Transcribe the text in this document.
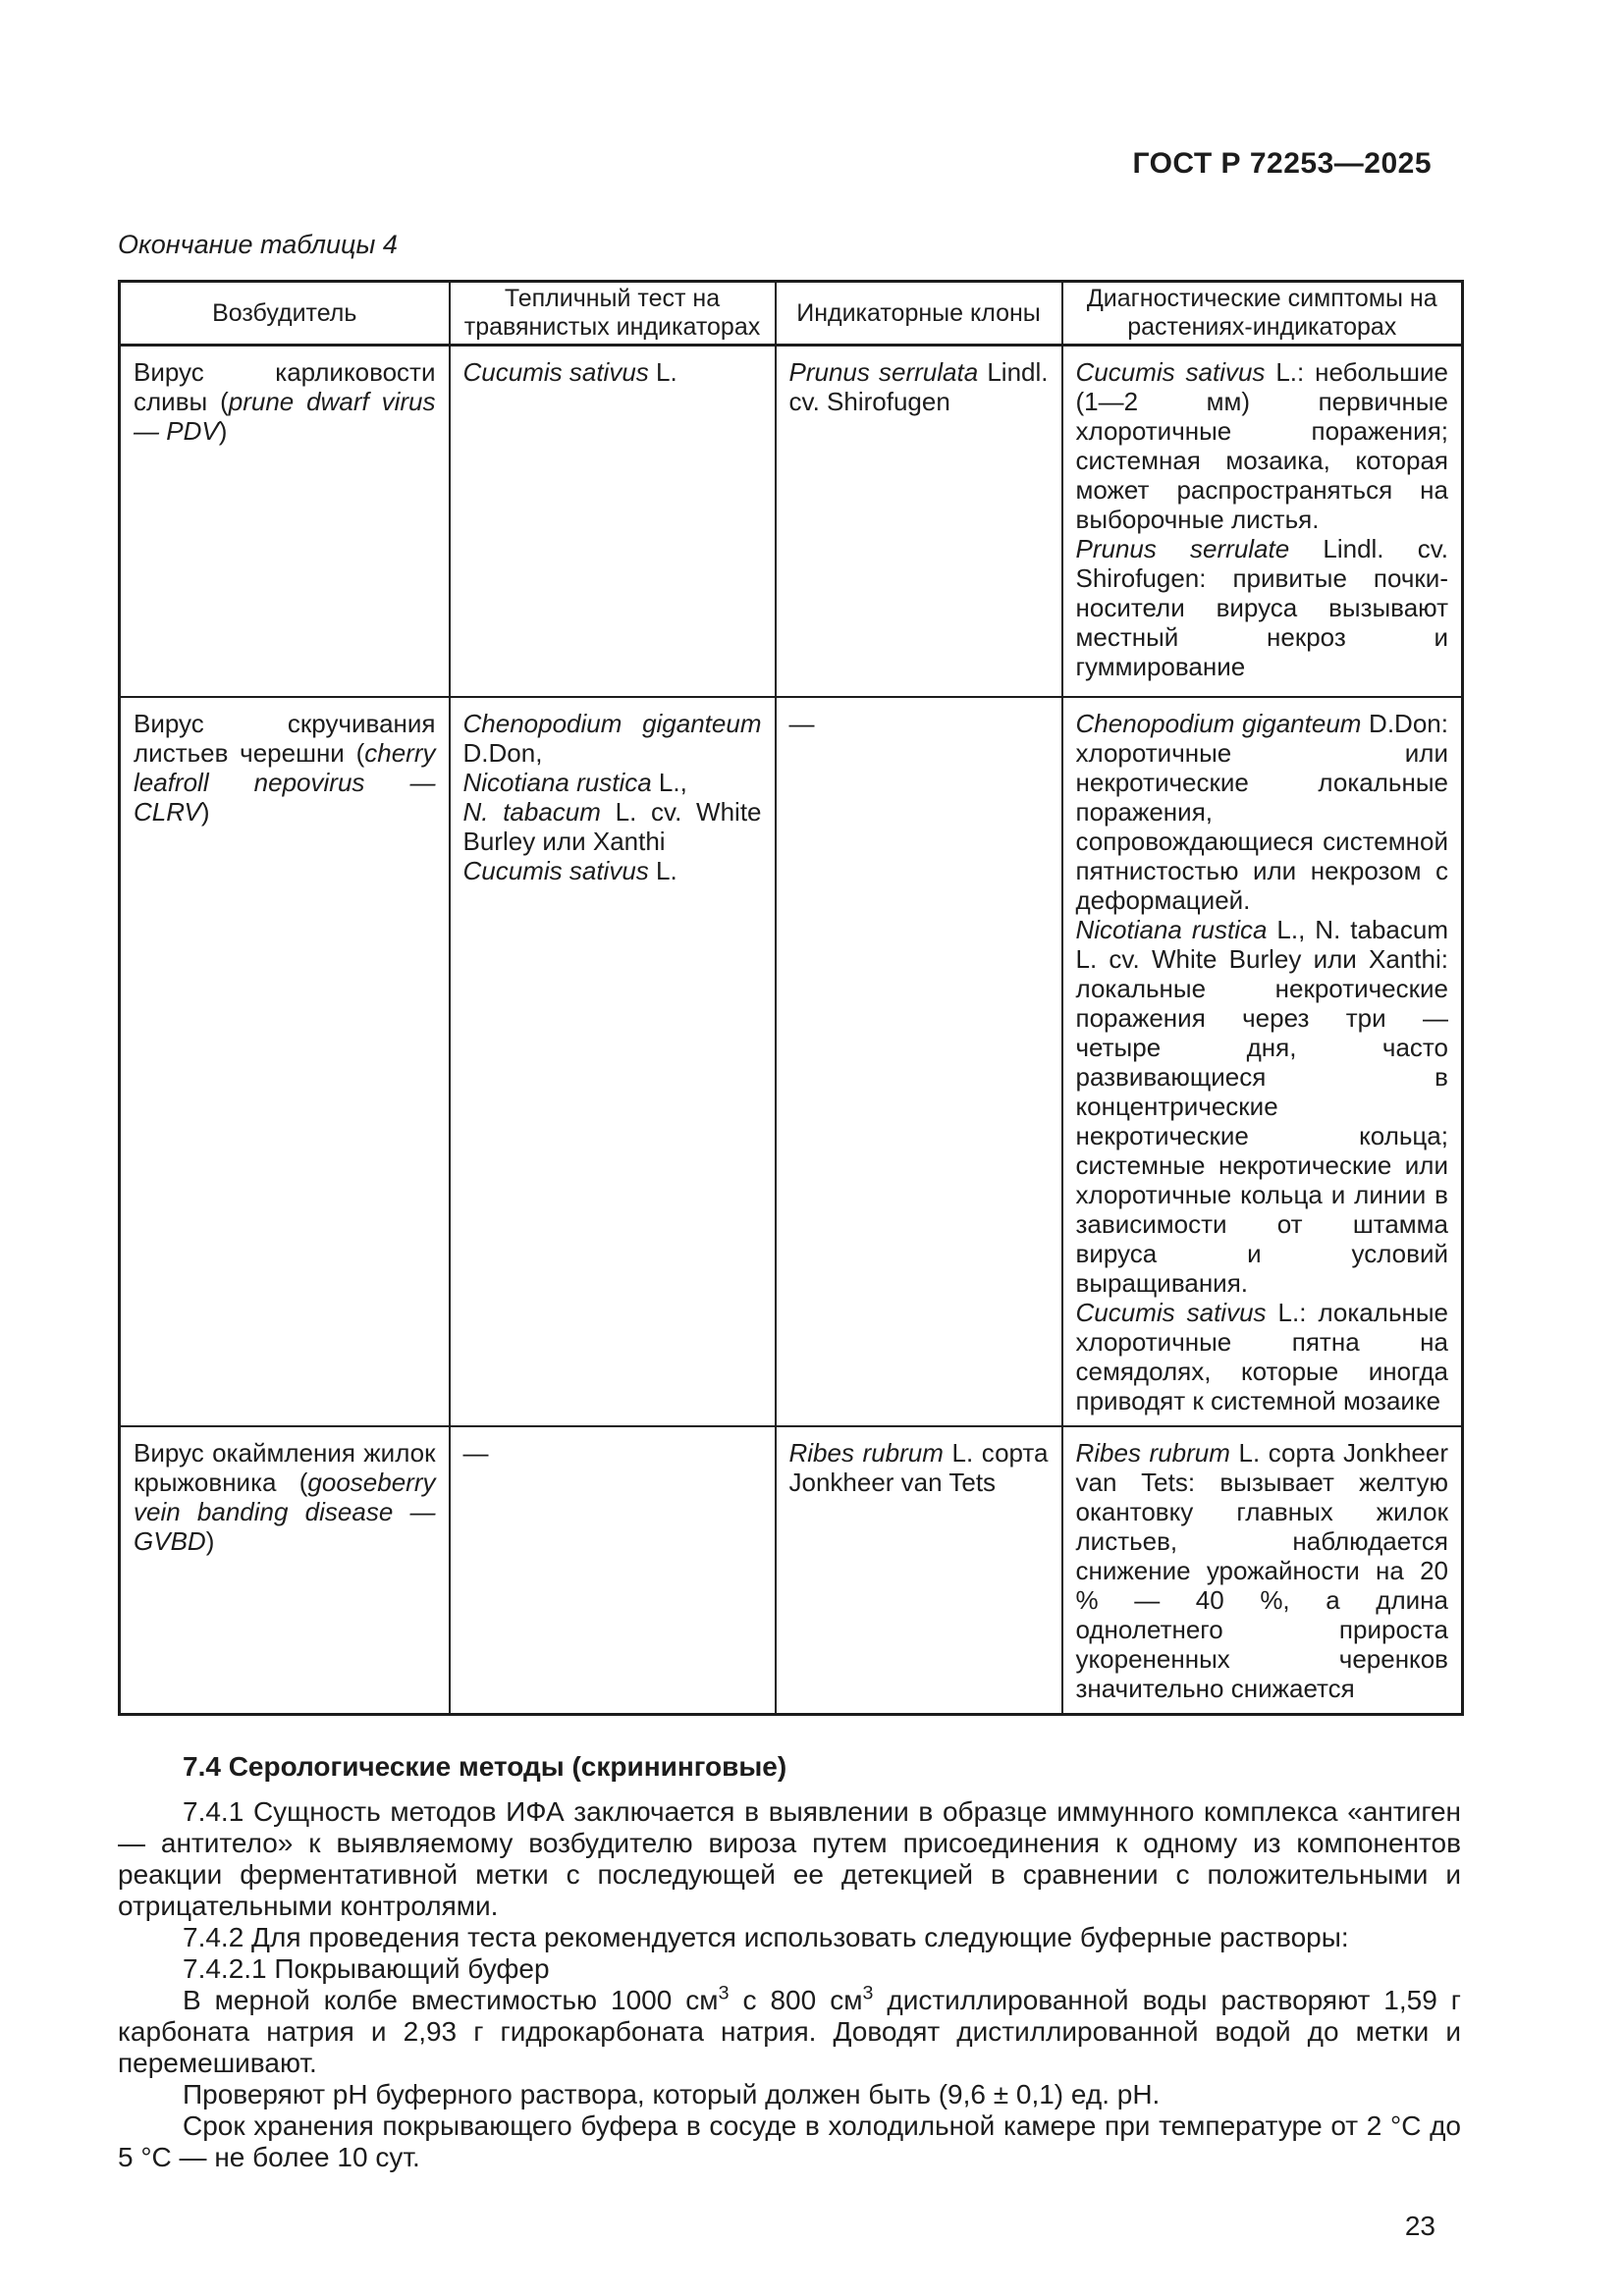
ГОСТ Р 72253—2025
Окончание таблицы 4
Возбудитель	Тепличный тест на травянистых индикаторах	Индикаторные клоны	Диагностические симптомы на растениях-индикаторах
Вирус карликовости сливы (prune dwarf virus — PDV)	Cucumis sativus L.	Prunus serrulata Lindl. cv. Shirofugen	Cucumis sativus L.: небольшие (1—2 мм) первичные хлоротичные поражения; системная мозаика, которая может распространяться на выборочные листья.
Prunus serrulate Lindl. cv. Shirofugen: привитые почки-носители вируса вызывают местный некроз и гуммирование
Вирус скручивания листьев черешни (cherry leafroll nepovirus — CLRV)	Chenopodium giganteum D.Don,
Nicotiana rustica L.,
N. tabacum L. cv. White Burley или Xanthi
Cucumis sativus L.	—	Chenopodium giganteum D.Don: хлоротичные или некротические локальные поражения, сопровождающиеся системной пятнистостью или некрозом с деформацией.
Nicotiana rustica L., N. tabacum L. cv. White Burley или Xanthi: локальные некротические поражения через три — четыре дня, часто развивающиеся в концентрические некротические кольца; системные некротические или хлоротичные кольца и линии в зависимости от штамма вируса и условий выращивания.
Cucumis sativus L.: локальные хлоротичные пятна на семядолях, которые иногда приводят к системной мозаике
Вирус окаймления жилок крыжовника (gooseberry vein banding disease — GVBD)	—	Ribes rubrum L. сорта Jonkheer van Tets	Ribes rubrum L. сорта Jonkheer van Tets: вызывает желтую окантовку главных жилок листьев, наблюдается снижение урожайности на 20 % — 40 %, а длина однолетнего прироста укорененных черенков значительно снижается
7.4 Серологические методы (скрининговые)

7.4.1 Сущность методов ИФА заключается в выявлении в образце иммунного комплекса «антиген — антитело» к выявляемому возбудителю вироза путем присоединения к одному из компонентов реакции ферментативной метки с последующей ее детекцией в сравнении с положительными и отрицательными контролями.

7.4.2 Для проведения теста рекомендуется использовать следующие буферные растворы:

7.4.2.1 Покрывающий буфер

В мерной колбе вместимостью 1000 $см^3$ с 800 $см^3$ дистиллированной воды растворяют 1,59 г карбоната натрия и 2,93 г гидрокарбоната натрия. Доводят дистиллированной водой до метки и перемешивают.

Проверяют рН буферного раствора, который должен быть (9,6 ± 0,1) ед. рН.

Срок хранения покрывающего буфера в сосуде в холодильной камере при температуре от 2 °С до 5 °С — не более 10 сут.

23
